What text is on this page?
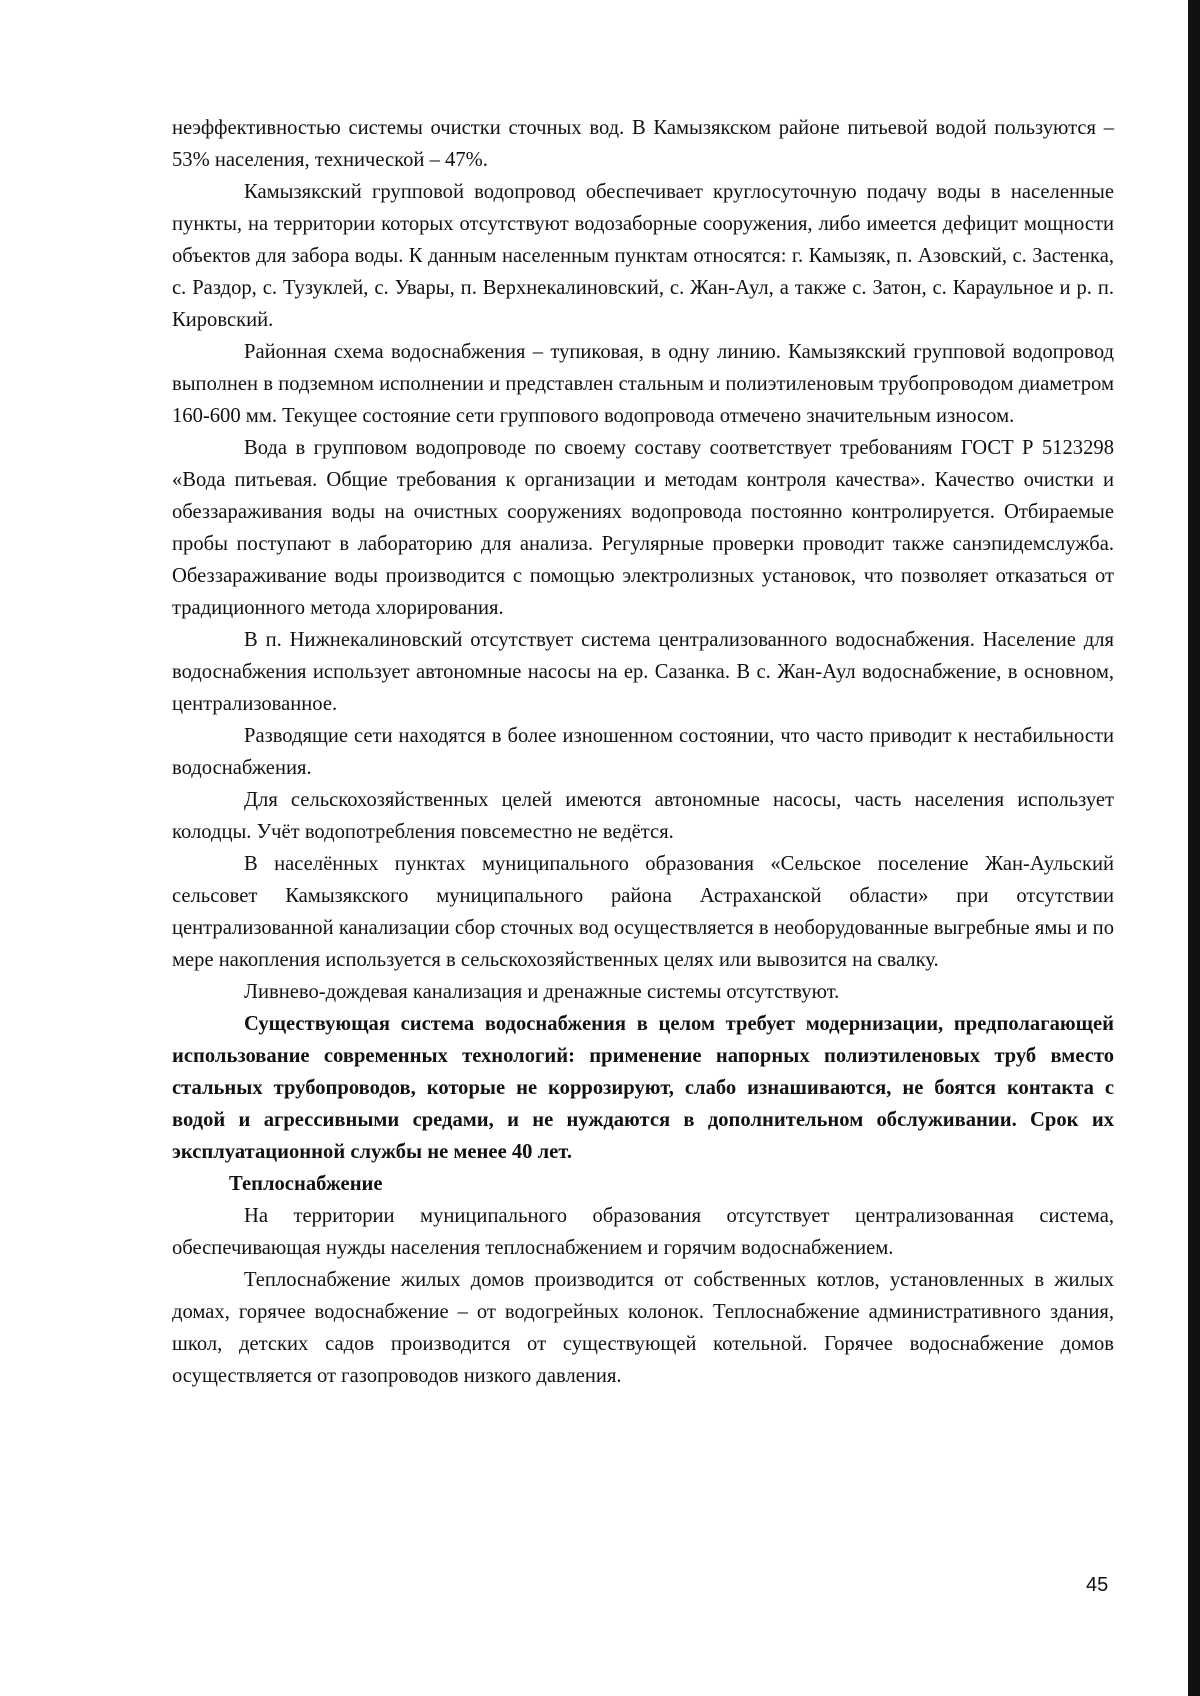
неэффективностью системы очистки сточных вод. В Камызякском районе питьевой водой пользуются – 53% населения, технической – 47%.

Камызякский групповой водопровод обеспечивает круглосуточную подачу воды в населенные пункты, на территории которых отсутствуют водозаборные сооружения, либо имеется дефицит мощности объектов для забора воды. К данным населенным пунктам относятся: г. Камызяк, п. Азовский, с. Застенка, с. Раздор, с. Тузуклей, с. Увары, п. Верхнекалиновский, с. Жан-Аул, а также с. Затон, с. Караульное и р. п. Кировский.

Районная схема водоснабжения – тупиковая, в одну линию. Камызякский групповой водопровод выполнен в подземном исполнении и представлен стальным и полиэтиленовым трубопроводом диаметром 160-600 мм. Текущее состояние сети группового водопровода отмечено значительным износом.

Вода в групповом водопроводе по своему составу соответствует требованиям ГОСТ Р 5123298 «Вода питьевая. Общие требования к организации и методам контроля качества». Качество очистки и обеззараживания воды на очистных сооружениях водопровода постоянно контролируется. Отбираемые пробы поступают в лабораторию для анализа. Регулярные проверки проводит также санэпидемслужба. Обеззараживание воды производится с помощью электролизных установок, что позволяет отказаться от традиционного метода хлорирования.

В п. Нижнекалиновский отсутствует система централизованного водоснабжения. Население для водоснабжения использует автономные насосы на ер. Сазанка. В с. Жан-Аул водоснабжение, в основном, централизованное.

Разводящие сети находятся в более изношенном состоянии, что часто приводит к нестабильности водоснабжения.

Для сельскохозяйственных целей имеются автономные насосы, часть населения использует колодцы. Учёт водопотребления повсеместно не ведётся.

В населённых пунктах муниципального образования «Сельское поселение Жан-Аульский сельсовет Камызякского муниципального района Астраханской области» при отсутствии централизованной канализации сбор сточных вод осуществляется в необорудованные выгребные ямы и по мере накопления используется в сельскохозяйственных целях или вывозится на свалку.

Ливнево-дождевая канализация и дренажные системы отсутствуют.

Существующая система водоснабжения в целом требует модернизации, предполагающей использование современных технологий: применение напорных полиэтиленовых труб вместо стальных трубопроводов, которые не коррозируют, слабо изнашиваются, не боятся контакта с водой и агрессивными средами, и не нуждаются в дополнительном обслуживании. Срок их эксплуатационной службы не менее 40 лет.

Теплоснабжение

На территории муниципального образования отсутствует централизованная система, обеспечивающая нужды населения теплоснабжением и горячим водоснабжением.

Теплоснабжение жилых домов производится от собственных котлов, установленных в жилых домах, горячее водоснабжение – от водогрейных колонок. Теплоснабжение административного здания, школ, детских садов производится от существующей котельной. Горячее водоснабжение домов осуществляется от газопроводов низкого давления.

45
